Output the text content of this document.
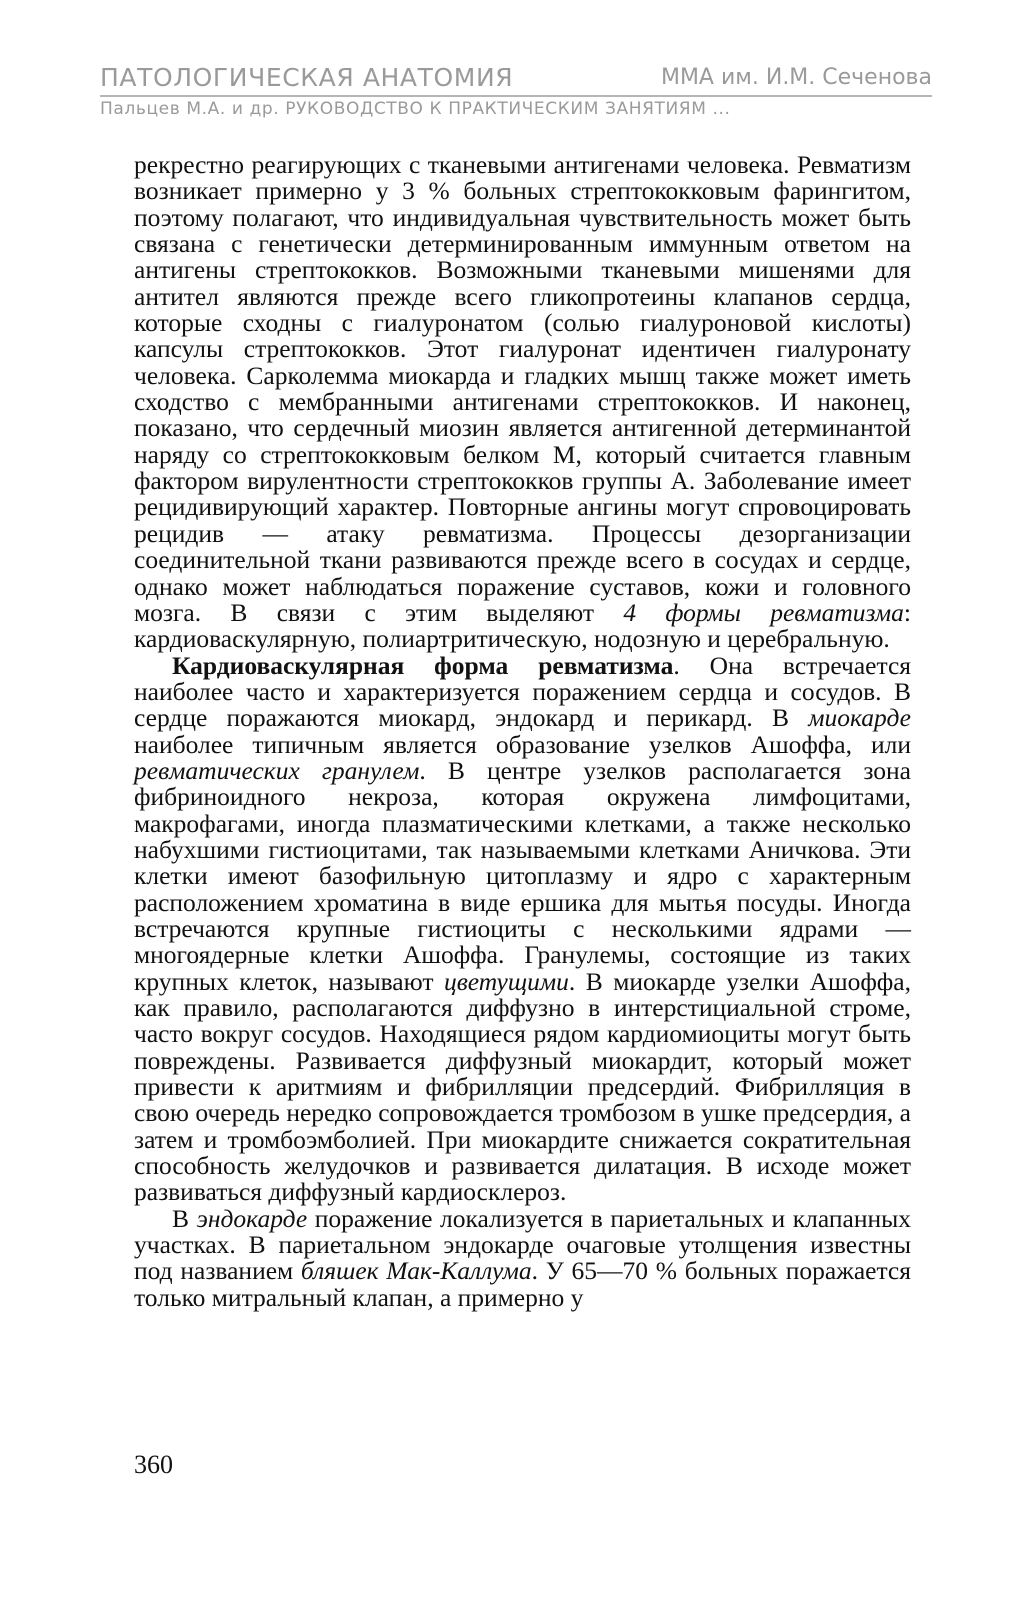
ПАТОЛОГИЧЕСКАЯ АНАТОМИЯ	ММА им. И.М. Сеченова
Пальцев М.А. и др. РУКОВОДСТВО К ПРАКТИЧЕСКИМ ЗАНЯТИЯМ ...

рекрестно реагирующих с тканевыми антигенами человека. Ревматизм возникает примерно у 3 % больных стрептококковым фарингитом, поэтому полагают, что индивидуальная чувствительность может быть связана с генетически детерминированным иммунным ответом на антигены стрептококков. Возможными тканевыми мишенями для антител являются прежде всего гликопротеины клапанов сердца, которые сходны с гиалуронатом (солью гиалуроновой кислоты) капсулы стрептококков. Этот гиалуронат идентичен гиалуронату человека. Сарколемма миокарда и гладких мышц также может иметь сходство с мембранными антигенами стрептококков. И наконец, показано, что сердечный миозин является антигенной детерминантой наряду со стрептококковым белком М, который считается главным фактором вирулентности стрептококков группы А. Заболевание имеет рецидивирующий характер. Повторные ангины могут спровоцировать рецидив — атаку ревматизма. Процессы дезорганизации соединительной ткани развиваются прежде всего в сосудах и сердце, однако может наблюдаться поражение суставов, кожи и головного мозга. В связи с этим выделяют 4 формы ревматизма: кардиоваскулярную, полиартритическую, нодозную и церебральную.

Кардиоваскулярная форма ревматизма. Она встречается наиболее часто и характеризуется поражением сердца и сосудов. В сердце поражаются миокард, эндокард и перикард. В миокарде наиболее типичным является образование узелков Ашоффа, или ревматических гранулем. В центре узелков располагается зона фибриноидного некроза, которая окружена лимфоцитами, макрофагами, иногда плазматическими клетками, а также несколько набухшими гистиоцитами, так называемыми клетками Аничкова. Эти клетки имеют базофильную цитоплазму и ядро с характерным расположением хроматина в виде ершика для мытья посуды. Иногда встречаются крупные гистиоциты с несколькими ядрами — многоядерные клетки Ашоффа. Гранулемы, состоящие из таких крупных клеток, называют цветущими. В миокарде узелки Ашоффа, как правило, располагаются диффузно в интерстициальной строме, часто вокруг сосудов. Находящиеся рядом кардиомиоциты могут быть повреждены. Развивается диффузный миокардит, который может привести к аритмиям и фибрилляции предсердий. Фибрилляция в свою очередь нередко сопровождается тромбозом в ушке предсердия, а затем и тромбоэмболией. При миокардите снижается сократительная способность желудочков и развивается дилатация. В исходе может развиваться диффузный кардиосклероз.

В эндокарде поражение локализуется в париетальных и клапанных участках. В париетальном эндокарде очаговые утолщения известны под названием бляшек Мак-Каллума. У 65—70 % больных поражается только митральный клапан, а примерно у

360
